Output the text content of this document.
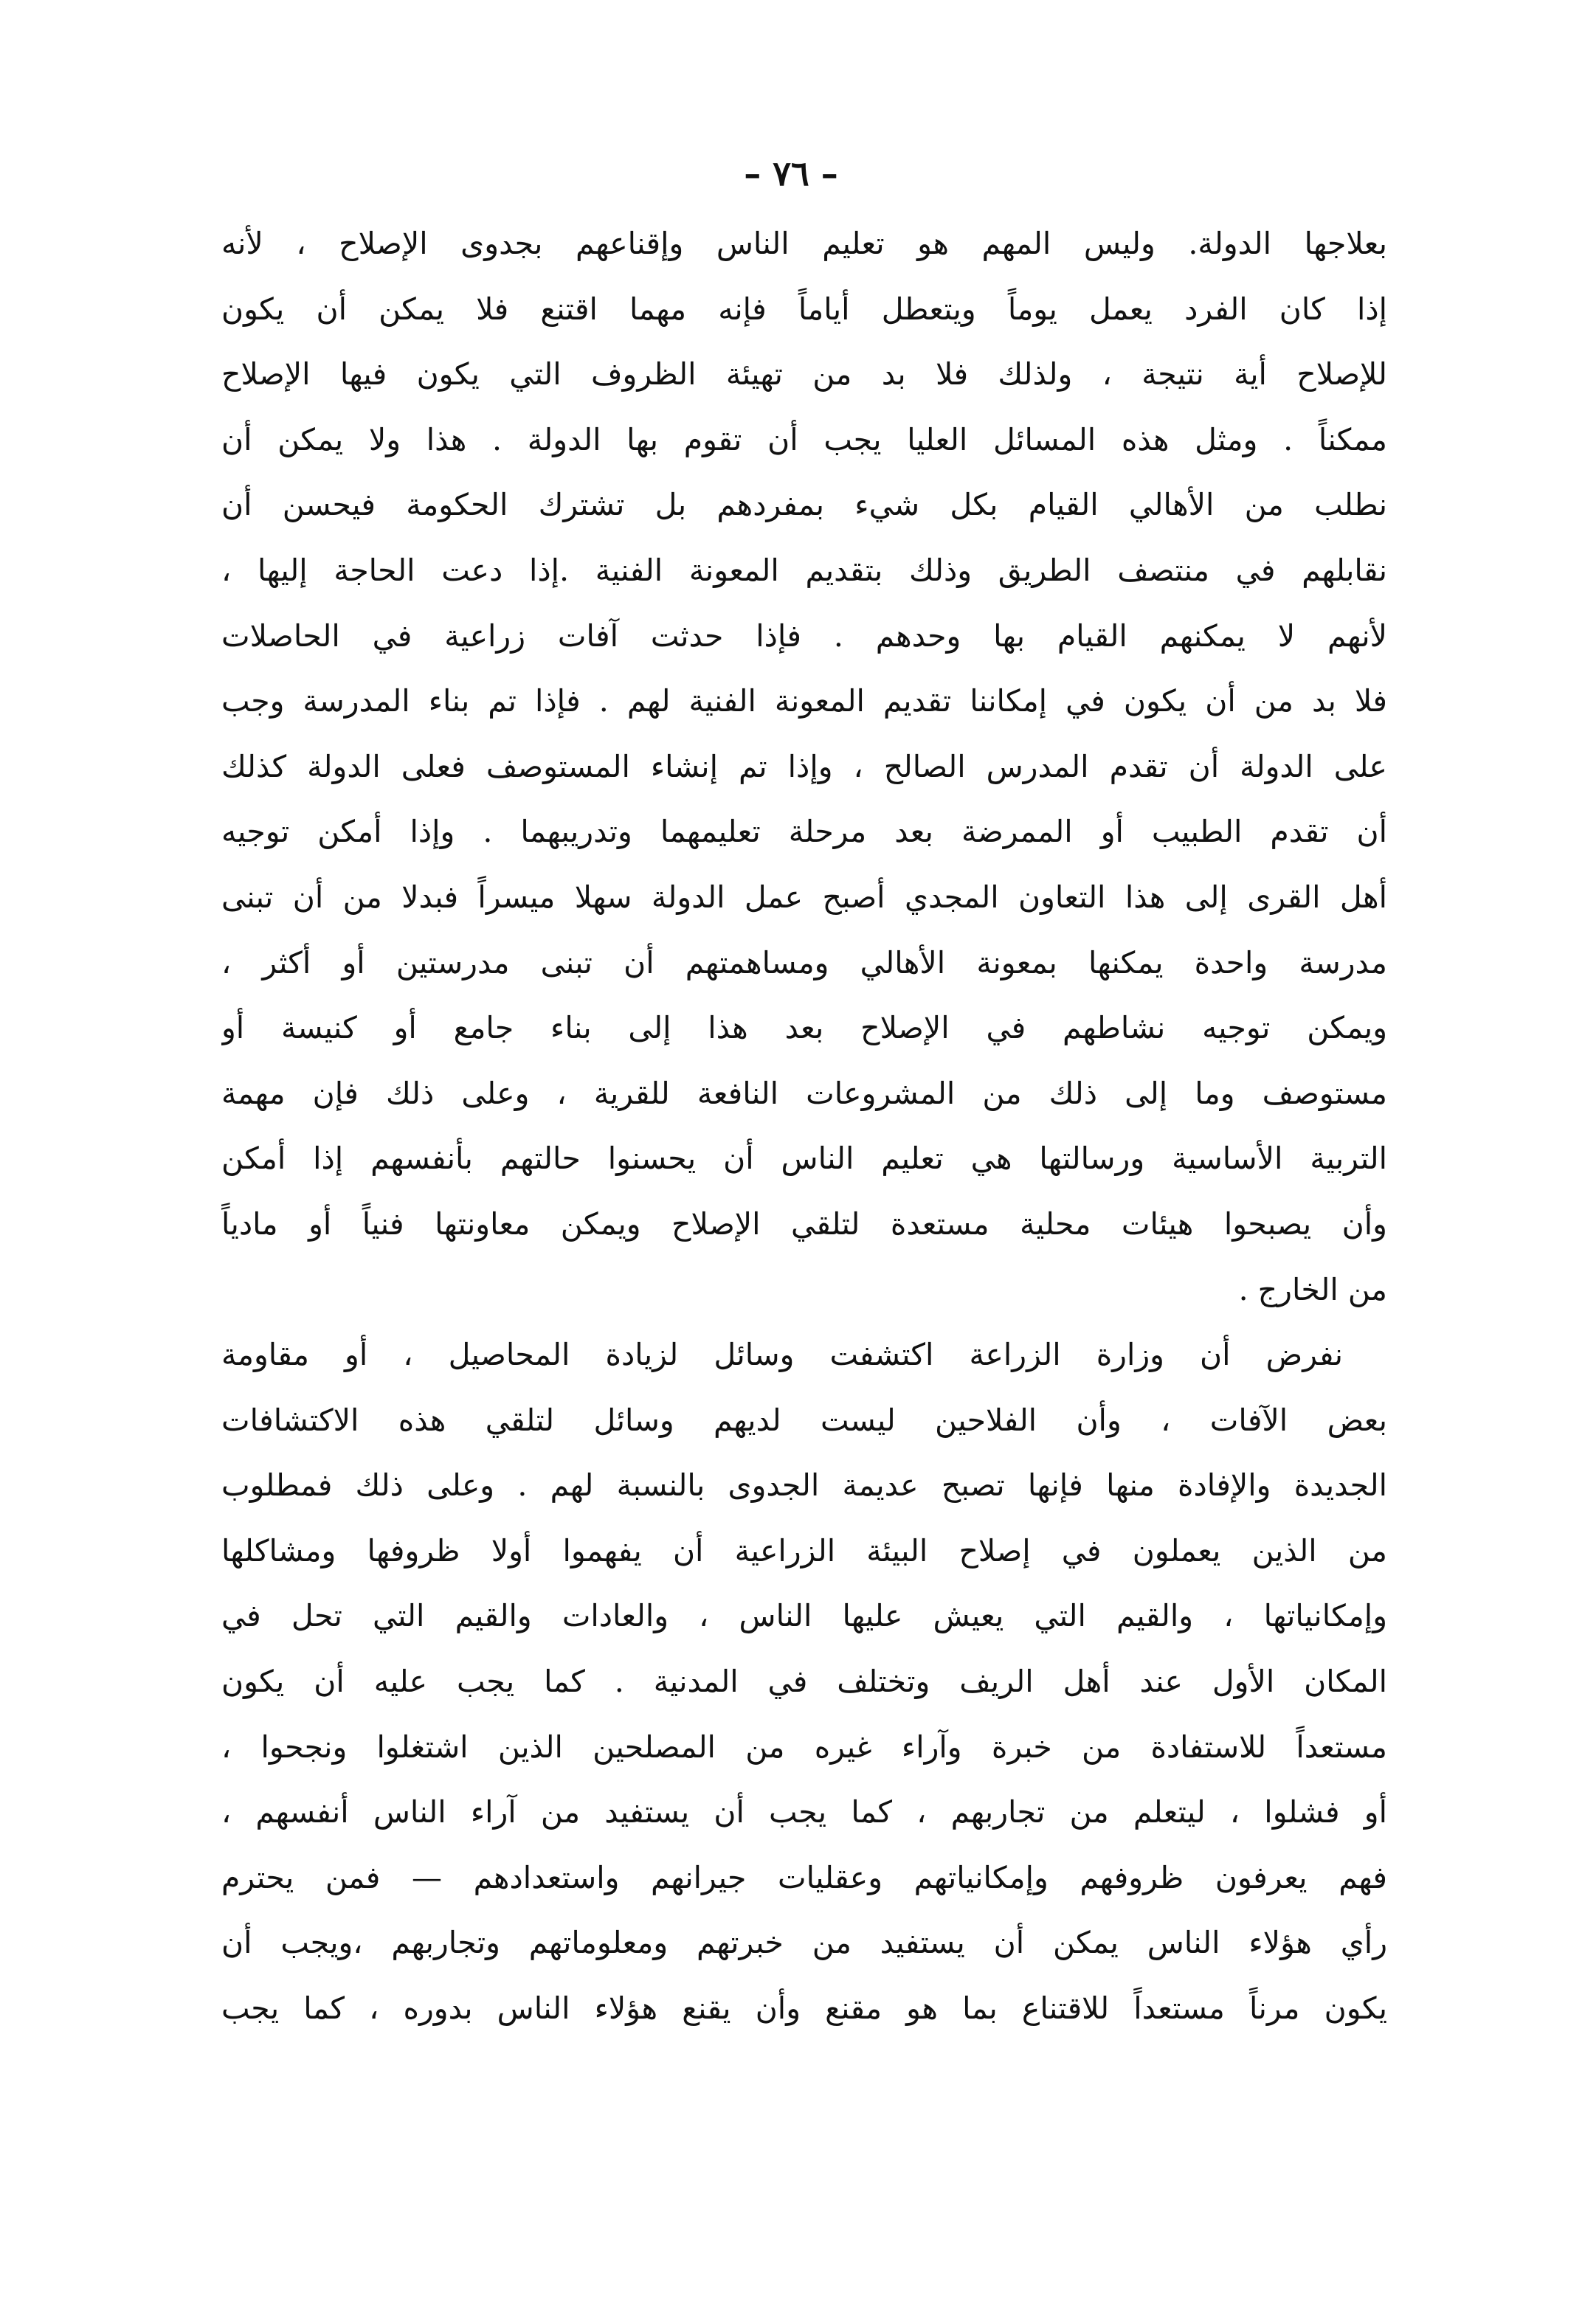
– ٧٦ –
بعلاجها الدولة. وليس المهم هو تعليم الناس وإقناعهم بجدوى الإصلاح ، لأنه
إذا كان الفرد يعمل يوماً ويتعطل أياماً فإنه مهما اقتنع فلا يمكن أن يكون
للإصلاح أية نتيجة ، ولذلك فلا بد من تهيئة الظروف التي يكون فيها الإصلاح
ممكناً . ومثل هذه المسائل العليا يجب أن تقوم بها الدولة . هذا ولا يمكن أن
نطلب من الأهالي القيام بكل شيء بمفردهم بل تشترك الحكومة فيحسن أن
نقابلهم في منتصف الطريق وذلك بتقديم المعونة الفنية .إذا دعت الحاجة إليها ،
لأنهم لا يمكنهم القيام بها وحدهم . فإذا حدثت آفات زراعية في الحاصلات
فلا بد من أن يكون في إمكاننا تقديم المعونة الفنية لهم . فإذا تم بناء المدرسة وجب
على الدولة أن تقدم المدرس الصالح ، وإذا تم إنشاء المستوصف فعلى الدولة كذلك
أن تقدم الطبيب أو الممرضة بعد مرحلة تعليمهما وتدريبهما . وإذا أمكن توجيه
أهل القرى إلى هذا التعاون المجدي أصبح عمل الدولة سهلا ميسراً فبدلا من أن تبنى
مدرسة واحدة يمكنها بمعونة الأهالي ومساهمتهم أن تبنى مدرستين أو أكثر ،
ويمكن توجيه نشاطهم في الإصلاح بعد هذا إلى بناء جامع أو كنيسة أو
مستوصف وما إلى ذلك من المشروعات النافعة للقرية ، وعلى ذلك فإن مهمة
التربية الأساسية ورسالتها هي تعليم الناس أن يحسنوا حالتهم بأنفسهم إذا أمكن
وأن يصبحوا هيئات محلية مستعدة لتلقي الإصلاح ويمكن معاونتها فنياً أو مادياً
من الخارج .
نفرض أن وزارة الزراعة اكتشفت وسائل لزيادة المحاصيل ، أو مقاومة
بعض الآفات ، وأن الفلاحين ليست لديهم وسائل لتلقي هذه الاكتشافات
الجديدة والإفادة منها فإنها تصبح عديمة الجدوى بالنسبة لهم . وعلى ذلك فمطلوب
من الذين يعملون في إصلاح البيئة الزراعية أن يفهموا أولا ظروفها ومشاكلها
وإمكانياتها ، والقيم التي يعيش عليها الناس ، والعادات والقيم التي تحل في
المكان الأول عند أهل الريف وتختلف في المدنية . كما يجب عليه أن يكون
مستعداً للاستفادة من خبرة وآراء غيره من المصلحين الذين اشتغلوا ونجحوا ،
أو فشلوا ، ليتعلم من تجاربهم ، كما يجب أن يستفيد من آراء الناس أنفسهم ،
فهم يعرفون ظروفهم وإمكانياتهم وعقليات جيرانهم واستعدادهم — فمن يحترم
رأي هؤلاء الناس يمكن أن يستفيد من خبرتهم ومعلوماتهم وتجاربهم ،ويجب أن
يكون مرناً مستعداً للاقتناع بما هو مقنع وأن يقنع هؤلاء الناس بدوره ، كما يجب
